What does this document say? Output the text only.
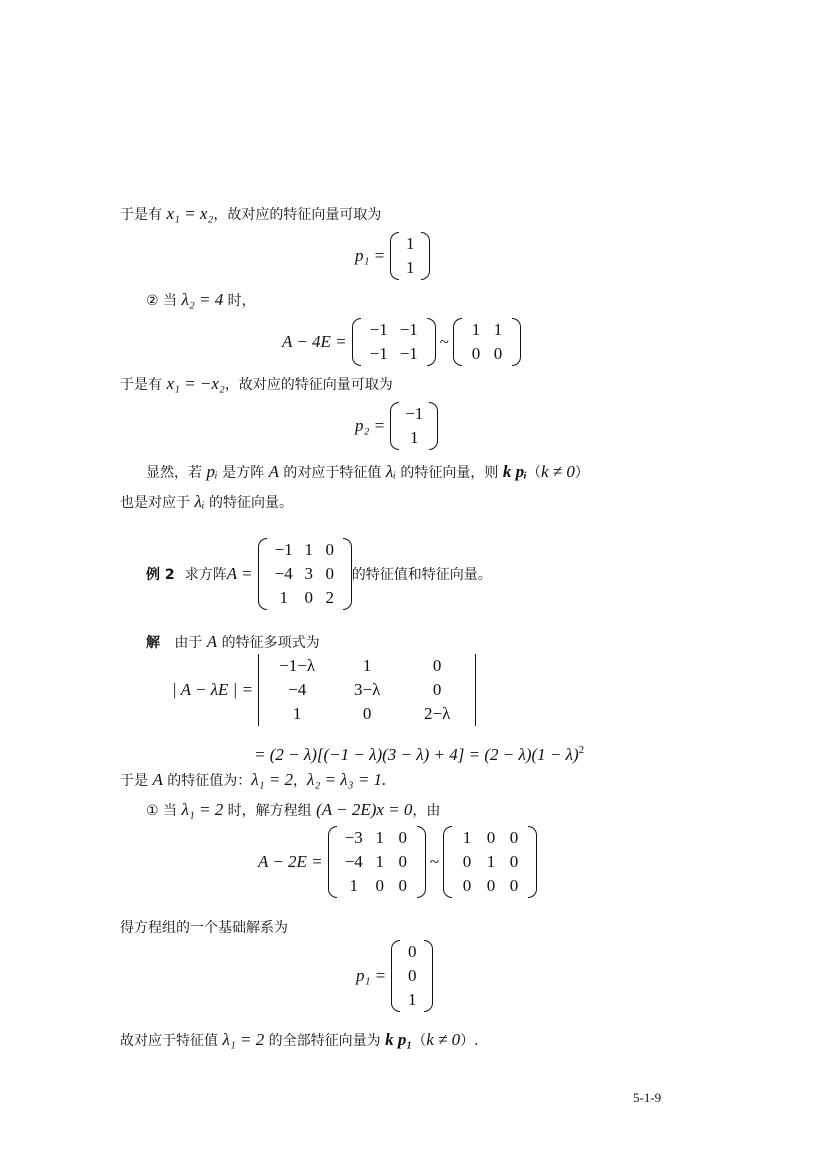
于是有 x₁ = x₂，故对应的特征向量可取为
p₁ =

1
1
② 当 λ₂ = 4 时，
A − 4E =

−1 −1
−1 −1
~
1 1
0 0
于是有 x₁ = −x₂，故对应的特征向量可取为
p₂ =

−1
1
显然，若 pᵢ 是方阵 A 的对应于特征值 λᵢ 的特征向量，则 k pᵢ（k ≠ 0）
也是对应于 λᵢ 的特征向量。
例 2
求方阵 A =

−1 1 0
−4 3 0
1 0 2
的特征值和特征向量。
解 由于 A 的特征多项式为
| A − λE | =

−1−λ	1	0
−4	3−λ	0
1	0	2−λ
= $(2 - \lambda)[(-1 - \lambda)(3 - \lambda) + 4] = (2 - \lambda)(1 - \lambda)^2$
于是 A 的特征值为：λ₁ = 2，λ₂ = λ₃ = 1.
① 当 λ₁ = 2 时，解方程组 (A − 2E)x = 0，由
A − 2E =

−3 1 0
−4 1 0
1	0 0
~
1 0 0
0 1 0
0 0 0
得方程组的一个基础解系为
p₁ =

0
0
1
故对应于特征值 λ₁ = 2 的全部特征向量为 k p₁（k ≠ 0）.
5-1-9
